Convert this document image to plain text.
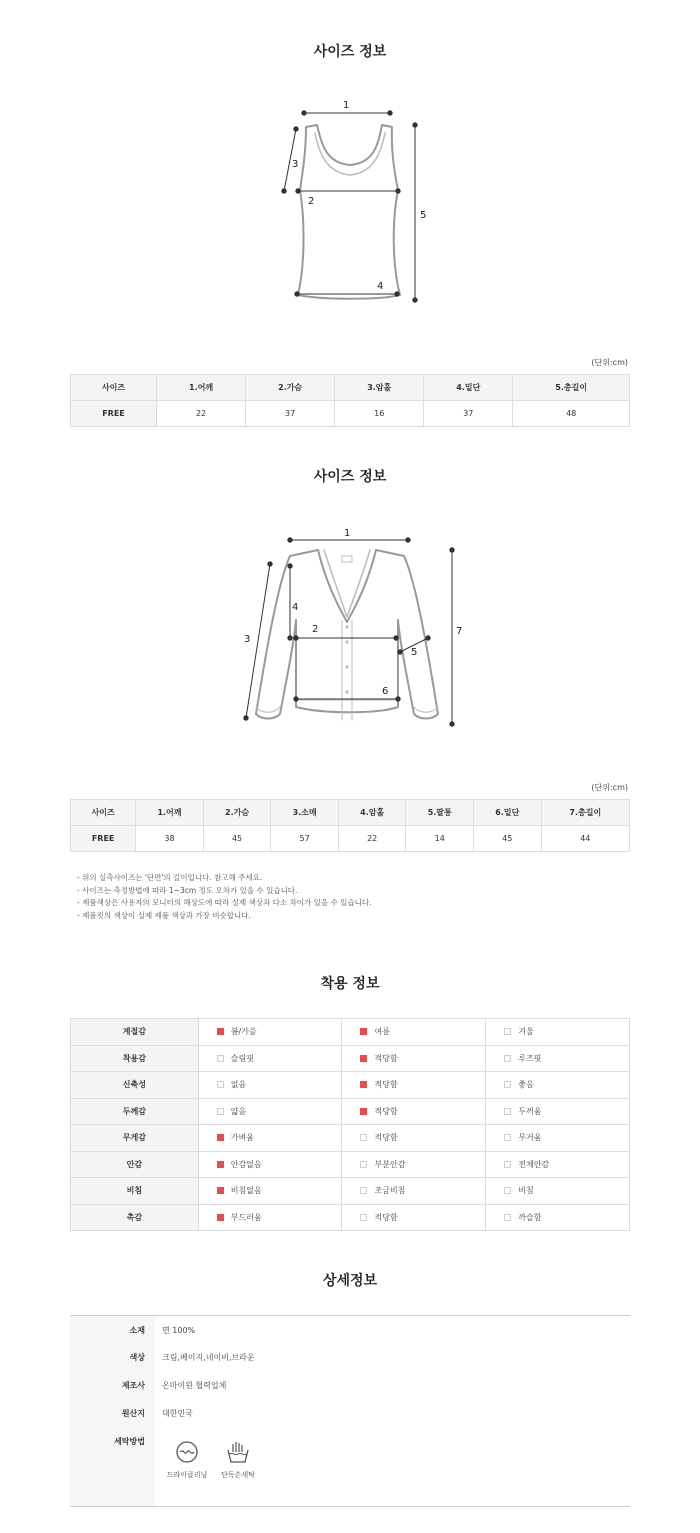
사이즈 정보
1
2
3
4
5
(단위:cm)
사이즈	1.어깨	2.가슴	3.암홀	4.밑단	5.총길이
FREE	22	37	16	37	48
사이즈 정보
1
2
3
4
5
6
7
(단위:cm)
사이즈	1.어깨	2.가슴	3.소매	4.암홀	5.팔통	6.밑단	7.총길이
FREE	38	45	57	22	14	45	44
- 위의 실측사이즈는 '단면'의 길이입니다. 참고해 주세요.
- 사이즈는 측정방법에 따라 1~3cm 정도 오차가 있을 수 있습니다.
- 제품색상은 사용자의 모니터의 해상도에 따라 실제 색상과 다소 차이가 있을 수 있습니다.
- 제품컷의 색상이 실제 제품 색상과 가장 비슷합니다.
착용 정보
계절감	봄/가을	여름	겨울
착용감	슬림핏	적당함	루즈핏
신축성	없음	적당함	좋음
두께감	얇음	적당함	두꺼움
무게감	가벼움	적당함	무거움
안감	안감없음	부분안감	전체안감
비침	비침없음	조금비침	비침
촉감	부드러움	적당함	까슬함
상세정보
소재 면 100%
색상 크림,베이지,네이비,브라운
제조사 온마이원 협력업체
원산지 대한민국
세탁방법
드라이클리닝	단독손세탁
